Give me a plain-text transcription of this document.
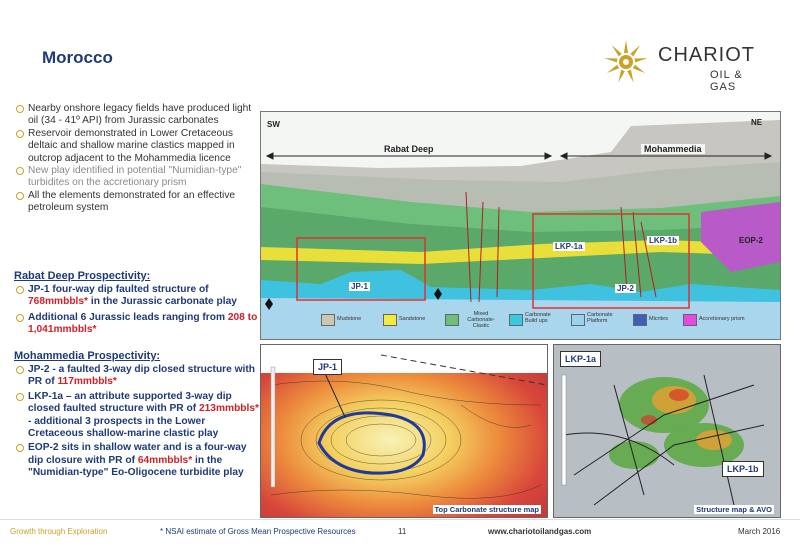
Morocco	CHARIOT
OIL & GAS

Nearby onshore legacy fields have produced light oil (34 - 41º API) from Jurassic carbonates

Reservoir demonstrated in Lower Cretaceous deltaic and shallow marine clastics mapped in outcrop adjacent to the Mohammedia licence

New play identified in potential "Numidian-type" turbidites on the accretionary prism

All the elements demonstrated for an effective petroleum system

Rabat Deep Prospectivity:

JP-1 four-way dip faulted structure of 768mmbbls* in the Jurassic carbonate play

Additional 6 Jurassic leads ranging from 208 to 1,041mmbbls*

Mohammedia Prospectivity:

JP-2 - a faulted 3-way dip closed structure with PR of 117mmbbls*

LKP-1a – an attribute supported 3-way dip closed faulted structure with PR of 213mmbbls* - additional 3 prospects in the Lower Cretaceous shallow-marine clastic play

EOP-2 sits in shallow water and is a four-way dip closure with PR of 64mmbbls* in the "Numidian-type" Eo-Oligocene turbidite play

SW	NE
Rabat Deep	Mohammedia
JP-1	JP-2
LKP-1a
LKP-1b	EOP-2
Mudstone	Sandstone
Mixed Carbonate-Clastic
Carbonate Build ups
Carbonate Platform	Micrites	Accretionary prism
JP-1
Top Carbonate structure map
LKP-1a
LKP-1b
Structure map & AVO
Growth through Exploration	* NSAI estimate of Gross Mean Prospective Resources	11	www.chariotoilandgas.com	March 2016
